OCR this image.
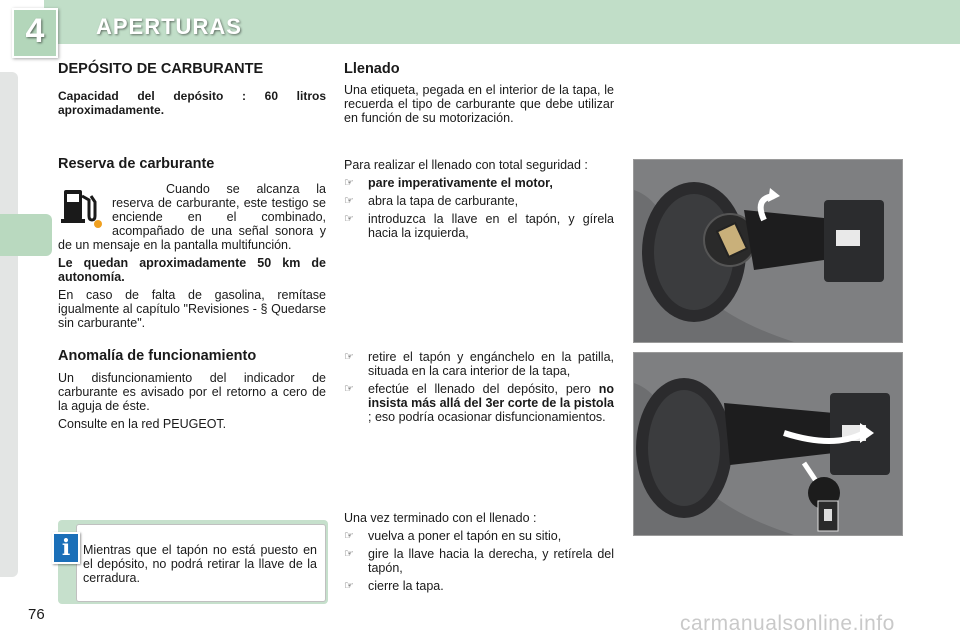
4	APERTURAS
DEPÓSITO DE CARBURANTE

Capacidad del depósito : 60 litros aproximadamente.

Reserva de carburante

Cuando se alcanza la reserva de carburante, este testigo se enciende en el combinado, acompañado de una señal sonora y de un mensaje en la pantalla multifunción.

Le quedan aproximadamente 50 km de autonomía.

En caso de falta de gasolina, remítase igualmente al capítulo "Revisiones - § Quedarse sin carburante".

Anomalía de funcionamiento

Un disfuncionamiento del indicador de carburante es avisado por el retorno a cero de la aguja de éste.

Consulte en la red PEUGEOT.

Mientras que el tapón no está puesto en el depósito, no podrá retirar la llave de la cerradura.
i
Llenado

Una etiqueta, pegada en el interior de la tapa, le recuerda el tipo de carburante que debe utilizar en función de su motorización.

Para realizar el llenado con total seguridad :

☞ pare imperativamente el motor,
☞ abra la tapa de carburante,
☞ introduzca la llave en el tapón, y gírela hacia la izquierda,
☞ retire el tapón y engánchelo en la patilla, situada en la cara interior de la tapa,
☞ efectúe el llenado del depósito, pero no insista más allá del 3er corte de la pistola ; eso podría ocasionar disfuncionamientos.

Una vez terminado con el llenado :

☞ vuelva a poner el tapón en su sitio,
☞ gire la llave hacia la derecha, y retírela del tapón,
☞ cierre la tapa.
76	carmanualsonline.info
